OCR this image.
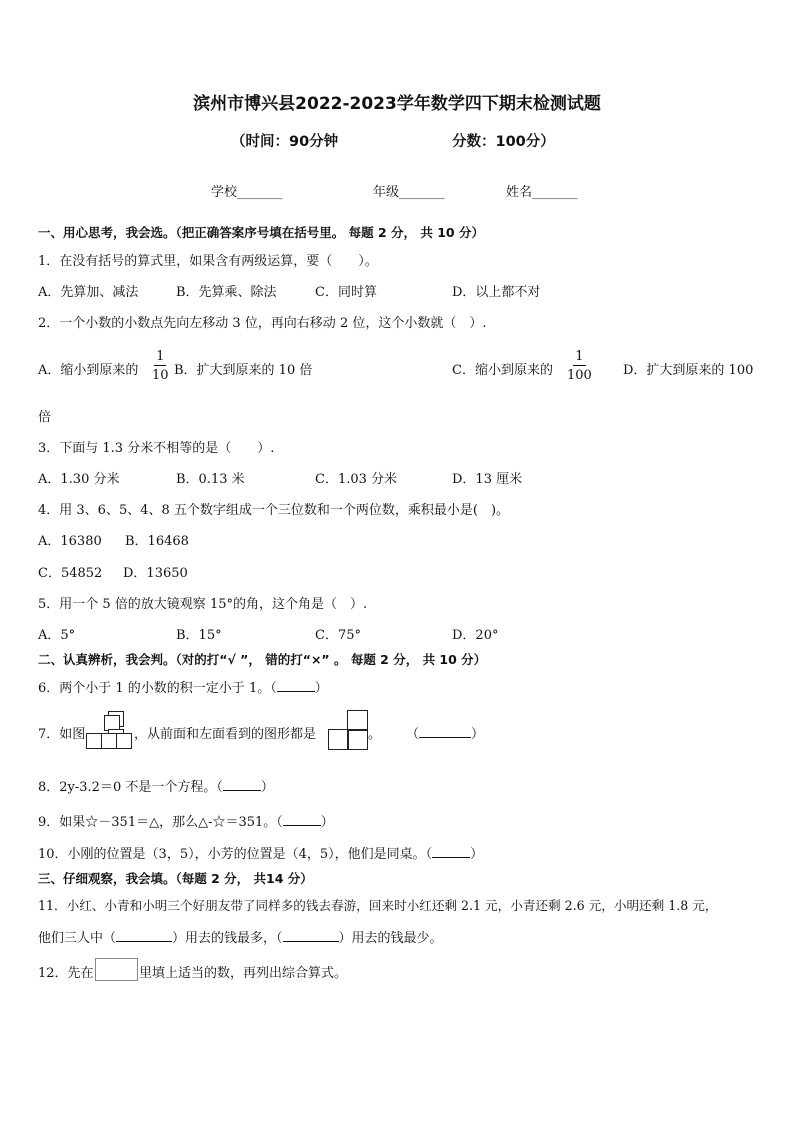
滨州市博兴县2022-2023学年数学四下期末检测试题
（时间：90分钟	分数：100分）
学校_______	年级_______	姓名_______
一、用心思考，我会选。（把正确答案序号填在括号里。 每题 2 分， 共 10 分）
1．在没有括号的算式里，如果含有两级运算，要（　　）。
A．先算加、减法	B．先算乘、除法	C．同时算	D．以上都不对
2．一个小数的小数点先向左移动 3 位，再向右移动 2 位，这个小数就（　）.
A．缩小到原来的 $\frac{1}{10}$ B．扩大到原来的 10 倍	C．缩小到原来的 $\frac{1}{100}$ D．扩大到原来的 100
倍
3．下面与 1.3 分米不相等的是（　　）.
A．1.30 分米	B．0.13 米	C．1.03 分米	D．13 厘米
4．用 3、6、5、4、8 五个数字组成一个三位数和一个两位数，乘积最小是(　)。
A．16380 B．16468
C．54852 D．13650
5．用一个 5 倍的放大镜观察 15°的角，这个角是（　）.
A．5°	B．15°	C．75°	D．20°
二、认真辨析，我会判。（对的打“√ ”， 错的打“×” 。 每题 2 分， 共 10 分）
6．两个小于 1 的小数的积一定小于 1。（	）
7．如图	，从前面和左面看到的图形都是	。 （	）
8．2y-3.2＝0 不是一个方程。（	）
9．如果☆－351＝△，那么△-☆＝351。（	）
10．小刚的位置是（3，5），小芳的位置是（4，5），他们是同桌。（	）
三、仔细观察，我会填。（每题 2 分， 共14 分）
11．小红、小青和小明三个好朋友带了同样多的钱去春游，回来时小红还剩 2.1 元，小青还剩 2.6 元，小明还剩 1.8 元，
他们三人中（	）用去的钱最多，（	）用去的钱最少。
12．先在	里填上适当的数，再列出综合算式。
